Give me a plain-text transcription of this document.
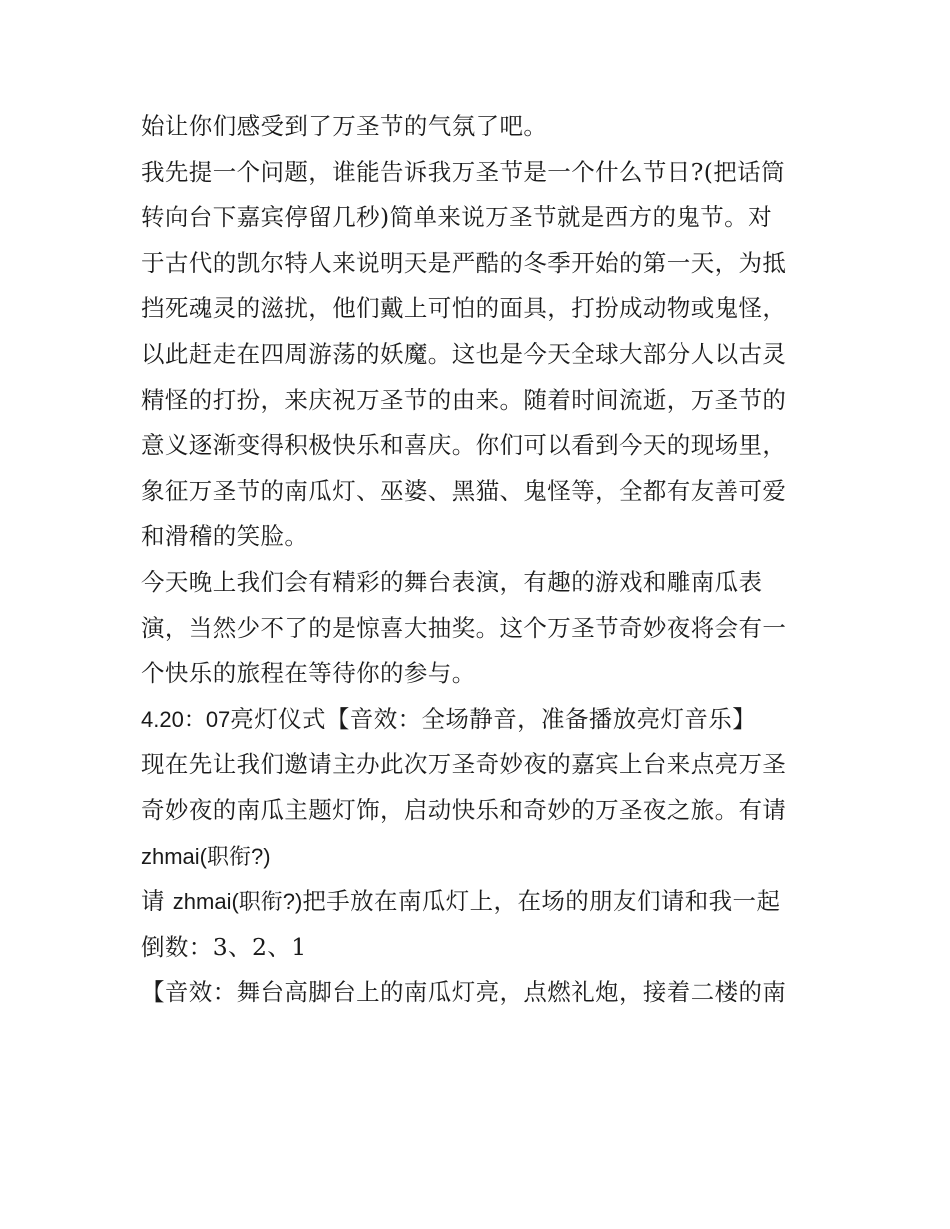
始让你们感受到了万圣节的气氛了吧。
我先提一个问题，谁能告诉我万圣节是一个什么节日?(把话筒
转向台下嘉宾停留几秒)简单来说万圣节就是西方的鬼节。对
于古代的凯尔特人来说明天是严酷的冬季开始的第一天，为抵
挡死魂灵的滋扰，他们戴上可怕的面具，打扮成动物或鬼怪，
以此赶走在四周游荡的妖魔。这也是今天全球大部分人以古灵
精怪的打扮，来庆祝万圣节的由来。随着时间流逝，万圣节的
意义逐渐变得积极快乐和喜庆。你们可以看到今天的现场里，
象征万圣节的南瓜灯、巫婆、黑猫、鬼怪等，全都有友善可爱
和滑稽的笑脸。
今天晚上我们会有精彩的舞台表演，有趣的游戏和雕南瓜表
演，当然少不了的是惊喜大抽奖。这个万圣节奇妙夜将会有一
个快乐的旅程在等待你的参与。
4.20：07亮灯仪式【音效：全场静音，准备播放亮灯音乐】
现在先让我们邀请主办此次万圣奇妙夜的嘉宾上台来点亮万圣
奇妙夜的南瓜主题灯饰，启动快乐和奇妙的万圣夜之旅。有请
zhmai(职衔?)
请 zhmai(职衔?)把手放在南瓜灯上，在场的朋友们请和我一起
倒数：3、2、1
【音效：舞台高脚台上的南瓜灯亮，点燃礼炮，接着二楼的南
